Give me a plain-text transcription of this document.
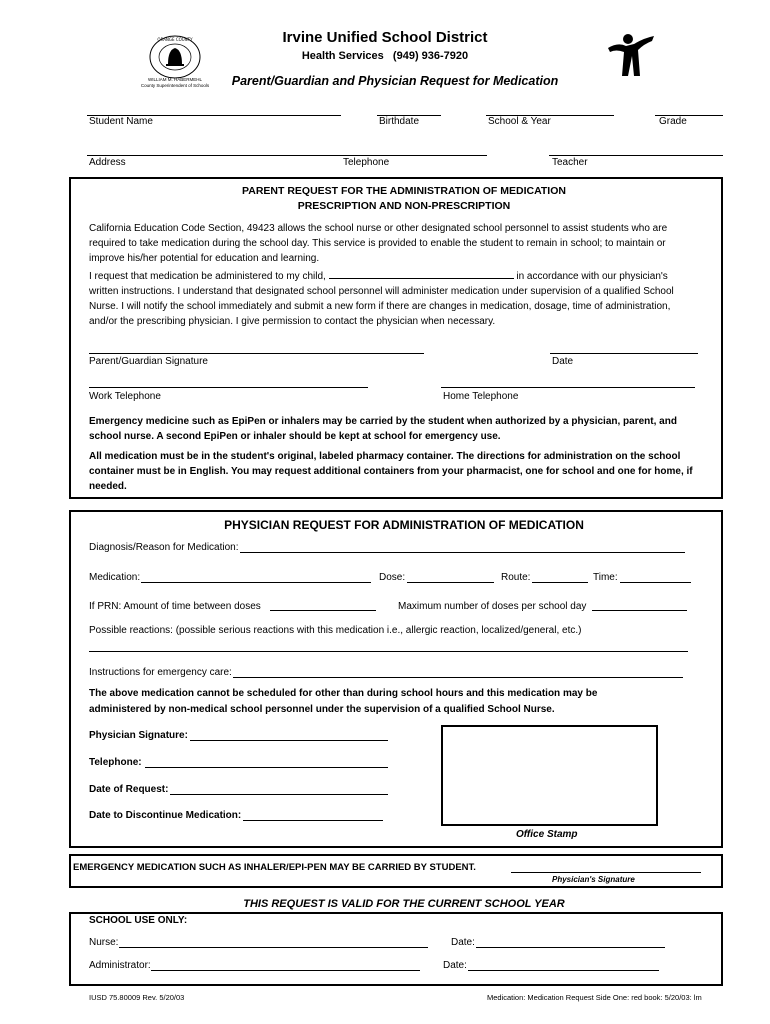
ORANGE COUNTY
WILLIAM M. HABERMEHL
County Superintendent of Schools
Irvine Unified School District
Health Services   (949) 936-7920
Parent/Guardian and Physician Request for Medication
Student Name	Birthdate	School & Year	Grade
Address	Telephone	Teacher
PARENT REQUEST FOR THE ADMINISTRATION OF MEDICATION
PRESCRIPTION AND NON-PRESCRIPTION
California Education Code Section, 49423 allows the school nurse or other designated school personnel to assist students who are required to take medication during the school day. This service is provided to enable the student to remain in school; to maintain or improve his/her potential for education and learning.
I request that medication be administered to my child,	in accordance with our physician's written instructions. I understand that designated school personnel will administer medication under supervision of a qualified School Nurse. I will notify the school immediately and submit a new form if there are changes in medication, dosage, time of administration, and/or the prescribing physician. I give permission to contact the physician when necessary.
Parent/Guardian Signature	Date
Work Telephone	Home Telephone
Emergency medicine such as EpiPen or inhalers may be carried by the student when authorized by a physician, parent, and school nurse. A second EpiPen or inhaler should be kept at school for emergency use.
All medication must be in the student's original, labeled pharmacy container. The directions for administration on the school container must be in English. You may request additional containers from your pharmacist, one for school and one for home, if needed.
PHYSICIAN REQUEST FOR ADMINISTRATION OF MEDICATION
Diagnosis/Reason for Medication:
Medication:	Dose:	Route:	Time:
If PRN: Amount of time between doses	Maximum number of doses per school day
Possible reactions: (possible serious reactions with this medication i.e., allergic reaction, localized/general, etc.)
Instructions for emergency care:
The above medication cannot be scheduled for other than during school hours and this medication may be administered by non-medical school personnel under the supervision of a qualified School Nurse.
Physician Signature:
Telephone:
Date of Request:
Date to Discontinue Medication:
Office Stamp
EMERGENCY MEDICATION SUCH AS INHALER/EPI-PEN MAY BE CARRIED BY STUDENT.
Physician's Signature
THIS REQUEST IS VALID FOR THE CURRENT SCHOOL YEAR
SCHOOL USE ONLY:
Nurse:	Date:
Administrator:	Date:
IUSD 75.80009 Rev. 5/20/03	Medication: Medication Request Side One: red book: 5/20/03: lm
